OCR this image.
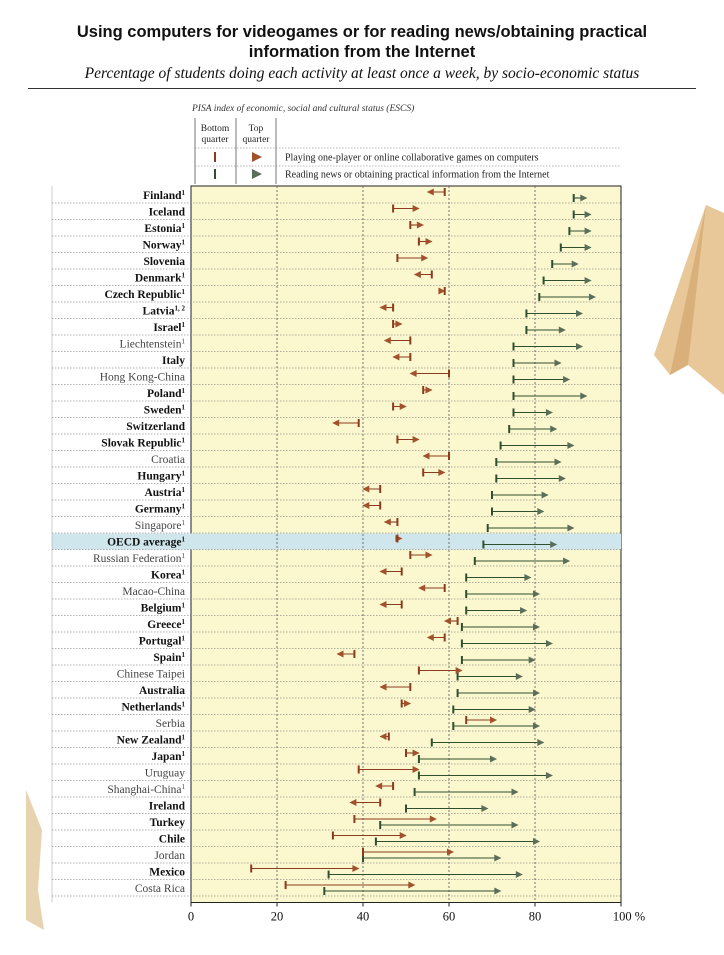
Using computers for videogames or for reading news/obtaining practical
information from the Internet
Percentage of students doing each activity at least once a week, by socio-economic status
Finland$^1$
Iceland
Estonia$^1$
Norway$^1$
Slovenia
Denmark$^1$
Czech Republic$^1$
Latvia$^{1, 2}$
Israel$^1$
Liechtenstein$^1$
Italy
Hong Kong-China
Poland$^1$
Sweden$^1$
Switzerland
Slovak Republic$^1$
Croatia
Hungary$^1$
Austria$^1$
Germany$^1$
Singapore$^1$
OECD average$^1$
Russian Federation$^1$
Korea$^1$
Macao-China
Belgium$^1$
Greece$^1$
Portugal$^1$
Spain$^1$
Chinese Taipei
Australia
Netherlands$^1$
Serbia
New Zealand$^1$
Japan$^1$
Uruguay
Shanghai-China$^1$
Ireland
Turkey
Chile
Jordan
Mexico
Costa Rica
0	20	40	60	80	100 %
PISA index of economic, social and cultural status (ESCS)
Bottom
quarter
Top
quarter
Playing one-player or online collaborative games on computers
Reading news or obtaining practical information from the Internet
